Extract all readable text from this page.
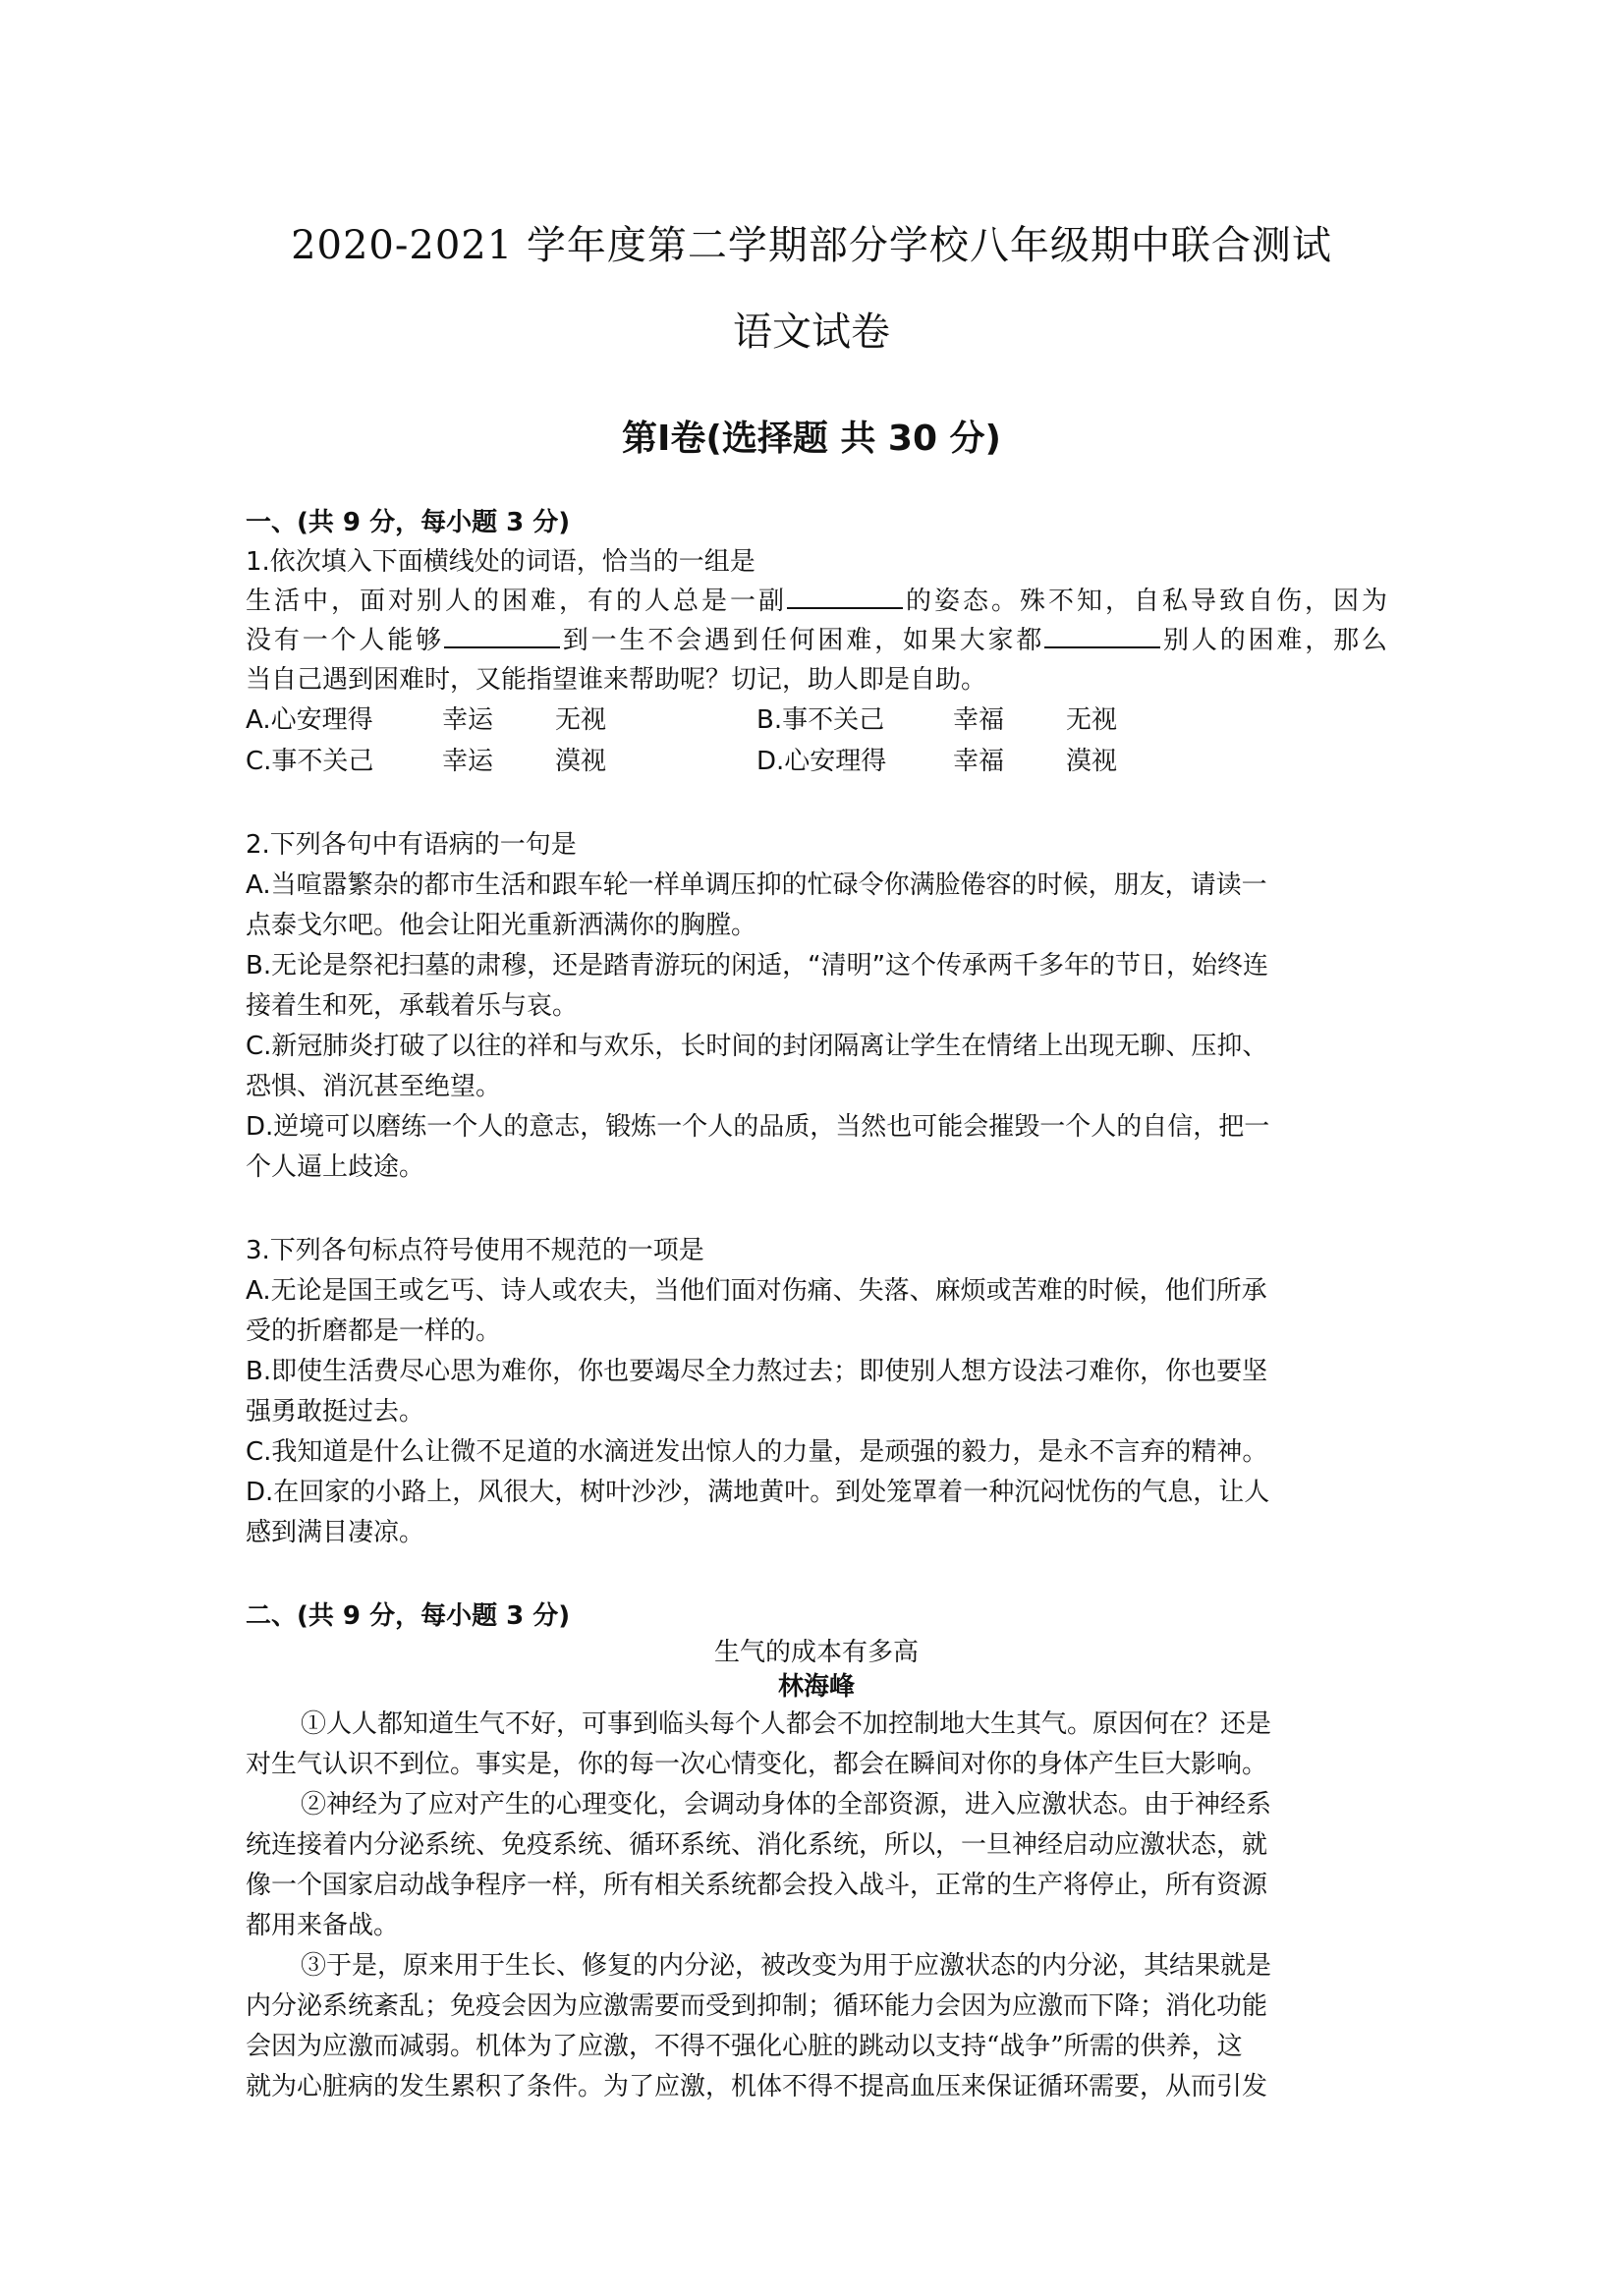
2020-2021 学年度第二学期部分学校八年级期中联合测试
语文试卷
第Ⅰ卷(选择题 共 30 分)
一、(共 9 分，每小题 3 分)
1.依次填入下面横线处的词语，恰当的一组是
生活中，面对别人的困难，有的人总是一副	的姿态。殊不知，自私导致自伤，因为
没有一个人能够	到一生不会遇到任何困难，如果大家都	别人的困难，那么
当自己遇到困难时，又能指望谁来帮助呢？切记，助人即是自助。
A.心安理得	幸运	无视	B.事不关己	幸福	无视
C.事不关己	幸运	漠视	D.心安理得	幸福	漠视
2.下列各句中有语病的一句是
A.当喧嚣繁杂的都市生活和跟车轮一样单调压抑的忙碌令你满脸倦容的时候，朋友，请读一
点泰戈尔吧。他会让阳光重新洒满你的胸膛。
B.无论是祭祀扫墓的肃穆，还是踏青游玩的闲适，“清明”这个传承两千多年的节日，始终连
接着生和死，承载着乐与哀。
C.新冠肺炎打破了以往的祥和与欢乐，长时间的封闭隔离让学生在情绪上出现无聊、压抑、
恐惧、消沉甚至绝望。
D.逆境可以磨练一个人的意志，锻炼一个人的品质，当然也可能会摧毁一个人的自信，把一
个人逼上歧途。
3.下列各句标点符号使用不规范的一项是
A.无论是国王或乞丐、诗人或农夫，当他们面对伤痛、失落、麻烦或苦难的时候，他们所承
受的折磨都是一样的。
B.即使生活费尽心思为难你，你也要竭尽全力熬过去；即使别人想方设法刁难你，你也要坚
强勇敢挺过去。
C.我知道是什么让微不足道的水滴迸发出惊人的力量，是顽强的毅力，是永不言弃的精神。
D.在回家的小路上，风很大，树叶沙沙，满地黄叶。到处笼罩着一种沉闷忧伤的气息，让人
感到满目凄凉。
二、(共 9 分，每小题 3 分)
生气的成本有多高
林海峰
①人人都知道生气不好，可事到临头每个人都会不加控制地大生其气。原因何在？还是
对生气认识不到位。事实是，你的每一次心情变化，都会在瞬间对你的身体产生巨大影响。
②神经为了应对产生的心理变化，会调动身体的全部资源，进入应激状态。由于神经系
统连接着内分泌系统、免疫系统、循环系统、消化系统，所以，一旦神经启动应激状态，就
像一个国家启动战争程序一样，所有相关系统都会投入战斗，正常的生产将停止，所有资源
都用来备战。
③于是，原来用于生长、修复的内分泌，被改变为用于应激状态的内分泌，其结果就是
内分泌系统紊乱；免疫会因为应激需要而受到抑制；循环能力会因为应激而下降；消化功能
会因为应激而减弱。机体为了应激，不得不强化心脏的跳动以支持“战争”所需的供养，这
就为心脏病的发生累积了条件。为了应激，机体不得不提高血压来保证循环需要，从而引发
